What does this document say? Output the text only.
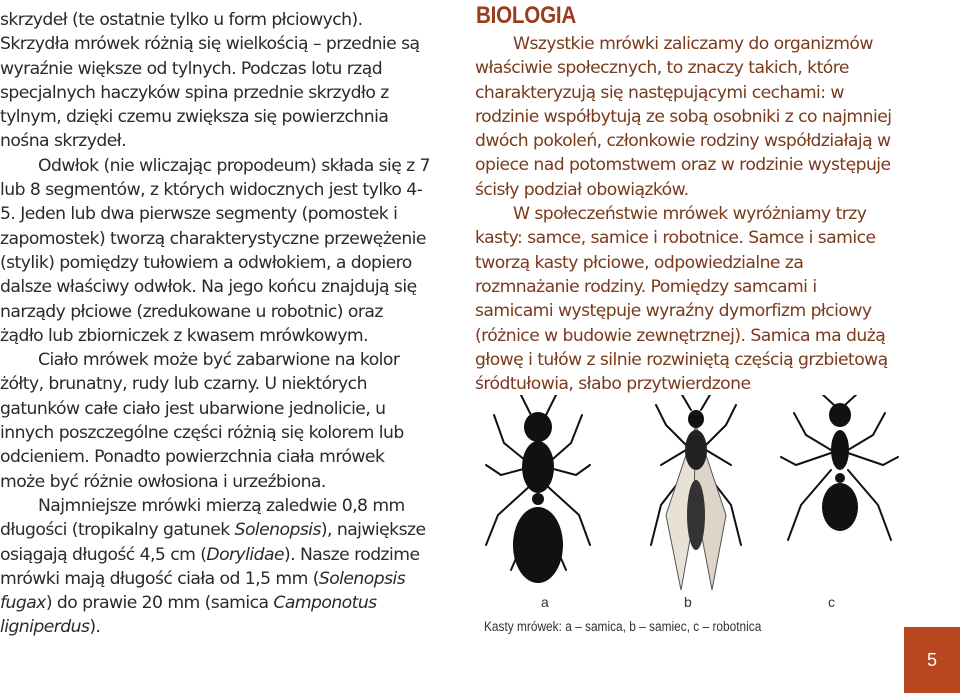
skrzydeł (te ostatnie tylko u form płciowych). Skrzydła mrówek różnią się wielkością – przednie są wyraźnie większe od tylnych. Podczas lotu rząd specjalnych haczyków spina przednie skrzydło z tylnym, dzięki czemu zwiększa się powierzchnia nośna skrzydeł.

Odwłok (nie wliczając propodeum) składa się z 7 lub 8 segmentów, z których widocznych jest tylko 4-5. Jeden lub dwa pierwsze segmenty (pomostek i zapomostek) tworzą charakterystyczne przewężenie (stylik) pomiędzy tułowiem a odwłokiem, a dopiero dalsze właściwy odwłok. Na jego końcu znajdują się narządy płciowe (zredukowane u robotnic) oraz żądło lub zbiorniczek z kwasem mrówkowym.

Ciało mrówek może być zabarwione na kolor żółty, brunatny, rudy lub czarny. U niektórych gatunków całe ciało jest ubarwione jednolicie, u innych poszczególne części różnią się kolorem lub odcieniem. Ponadto powierzchnia ciała mrówek może być różnie owłosiona i urzeźbiona.

Najmniejsze mrówki mierzą zaledwie 0,8 mm długości (tropikalny gatunek Solenopsis), największe osiągają długość 4,5 cm (Dorylidae). Nasze rodzime mrówki mają długość ciała od 1,5 mm (Solenopsis fugax) do prawie 20 mm (samica Camponotus ligniperdus).

BIOLOGIA

Wszystkie mrówki zaliczamy do organizmów właściwie społecznych, to znaczy takich, które charakteryzują się następującymi cechami: w rodzinie współbytują ze sobą osobniki z co najmniej dwóch pokoleń, członkowie rodziny współdziałają w opiece nad potomstwem oraz w rodzinie występuje ścisły podział obowiązków.

W społeczeństwie mrówek wyróżniamy trzy kasty: samce, samice i robotnice. Samce i samice tworzą kasty płciowe, odpowiedzialne za rozmnażanie rodziny. Pomiędzy samcami i samicami występuje wyraźny dymorfizm płciowy (różnice w budowie zewnętrznej). Samica ma dużą głowę i tułów z silnie rozwiniętą częścią grzbietową śródtułowia, słabo przytwierdzone

a	b	c
Kasty mrówek: a – samica, b – samiec, c – robotnica
5
